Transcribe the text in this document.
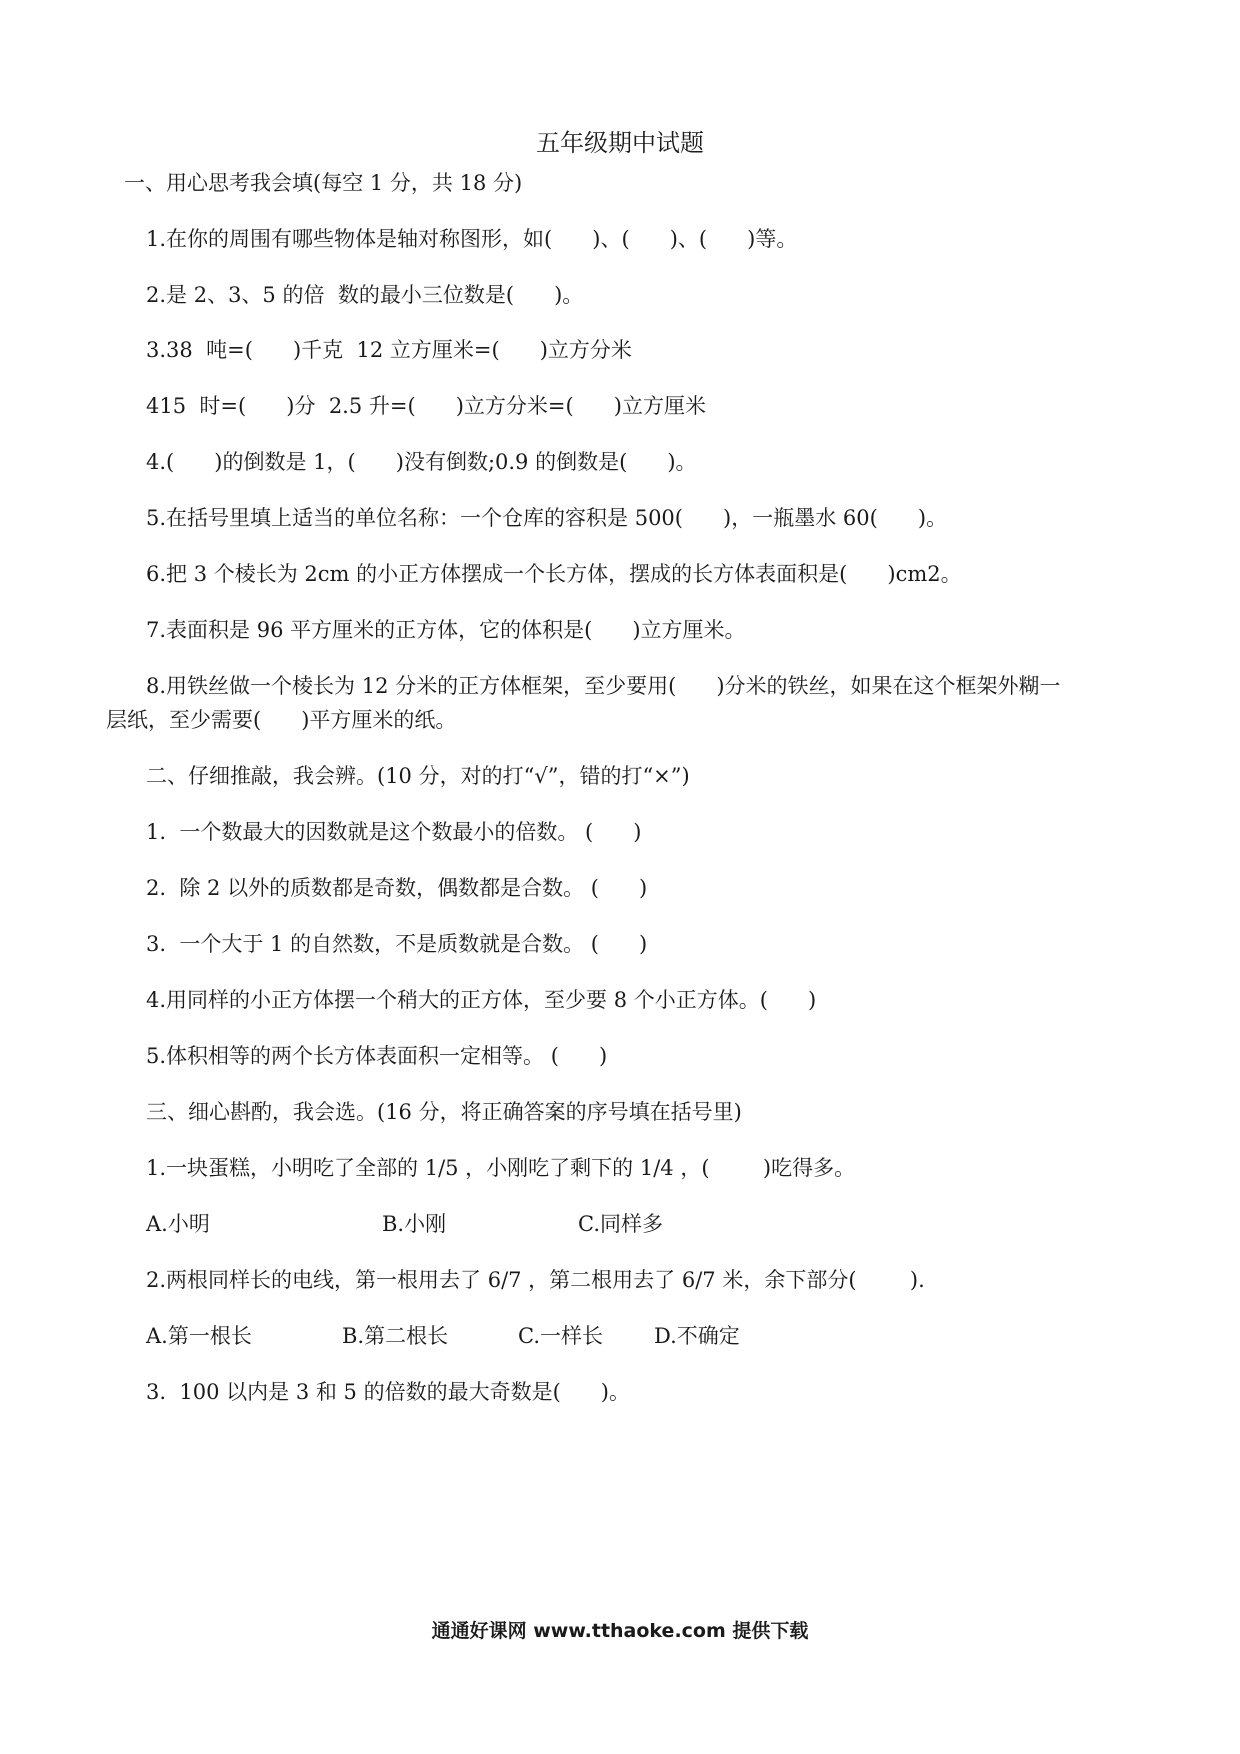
五年级期中试题

一、用心思考我会填(每空 1 分，共 18 分)

1.在你的周围有哪些物体是轴对称图形，如(      )、(      )、(      )等。

2.是 2、3、5 的倍  数的最小三位数是(      )。

3.38  吨=(      )千克  12 立方厘米=(      )立方分米

415  时=(      )分  2.5 升=(      )立方分米=(      )立方厘米

4.(      )的倒数是 1，(      )没有倒数;0.9 的倒数是(      )。

5.在括号里填上适当的单位名称：一个仓库的容积是 500(      )，一瓶墨水 60(      )。

6.把 3 个棱长为 2cm 的小正方体摆成一个长方体，摆成的长方体表面积是(      )cm2。

7.表面积是 96 平方厘米的正方体，它的体积是(      )立方厘米。

8.用铁丝做一个棱长为 12 分米的正方体框架，至少要用(      )分米的铁丝，如果在这个框架外糊一

层纸，至少需要(      )平方厘米的纸。

二、仔细推敲，我会辨。(10 分，对的打“√”，错的打“×”)

1.  一个数最大的因数就是这个数最小的倍数。 (      )

2.  除 2 以外的质数都是奇数，偶数都是合数。 (      )

3.  一个大于 1 的自然数，不是质数就是合数。 (      )

4.用同样的小正方体摆一个稍大的正方体，至少要 8 个小正方体。(      )

5.体积相等的两个长方体表面积一定相等。 (      )

三、细心斟酌，我会选。(16 分，将正确答案的序号填在括号里)

1.一块蛋糕，小明吃了全部的 1/5 ，小刚吃了剩下的 1/4 ，(        )吃得多。

A.小明	B.小刚	C.同样多

2.两根同样长的电线，第一根用去了 6/7 ，第二根用去了 6/7 米，余下部分(        ).

A.第一根长	B.第二根长	C.一样长 D.不确定

3.  100 以内是 3 和 5 的倍数的最大奇数是(      )。

通通好课网 www.tthaoke.com 提供下载
